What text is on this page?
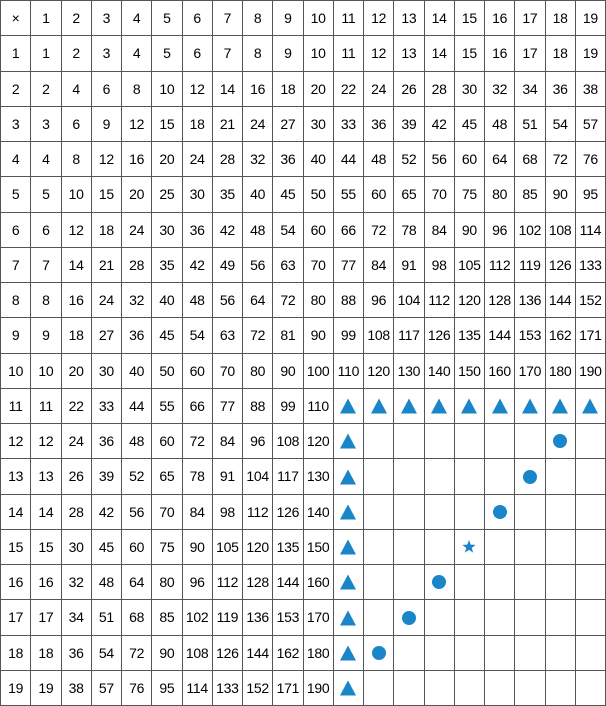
×	1	2	3	4	5	6	7	8	9	10	11	12	13	14	15	16	17	18	19
1	1	2	3	4	5	6	7	8	9	10	11	12	13	14	15	16	17	18	19
2	2	4	6	8	10	12	14	16	18	20	22	24	26	28	30	32	34	36	38
3	3	6	9	12	15	18	21	24	27	30	33	36	39	42	45	48	51	54	57
4	4	8	12	16	20	24	28	32	36	40	44	48	52	56	60	64	68	72	76
5	5	10	15	20	25	30	35	40	45	50	55	60	65	70	75	80	85	90	95
6	6	12	18	24	30	36	42	48	54	60	66	72	78	84	90	96	102	108	114
7	7	14	21	28	35	42	49	56	63	70	77	84	91	98	105	112	119	126	133
8	8	16	24	32	40	48	56	64	72	80	88	96	104	112	120	128	136	144	152
9	9	18	27	36	45	54	63	72	81	90	99	108	117	126	135	144	153	162	171
10	10	20	30	40	50	60	70	80	90	100	110	120	130	140	150	160	170	180	190
11	11	22	33	44	55	66	77	88	99	110									
12	12	24	36	48	60	72	84	96	108	120									
13	13	26	39	52	65	78	91	104	117	130									
14	14	28	42	56	70	84	98	112	126	140									
15	15	30	45	60	75	90	105	120	135	150									
16	16	32	48	64	80	96	112	128	144	160									
17	17	34	51	68	85	102	119	136	153	170									
18	18	36	54	72	90	108	126	144	162	180									
19	19	38	57	76	95	114	133	152	171	190									
